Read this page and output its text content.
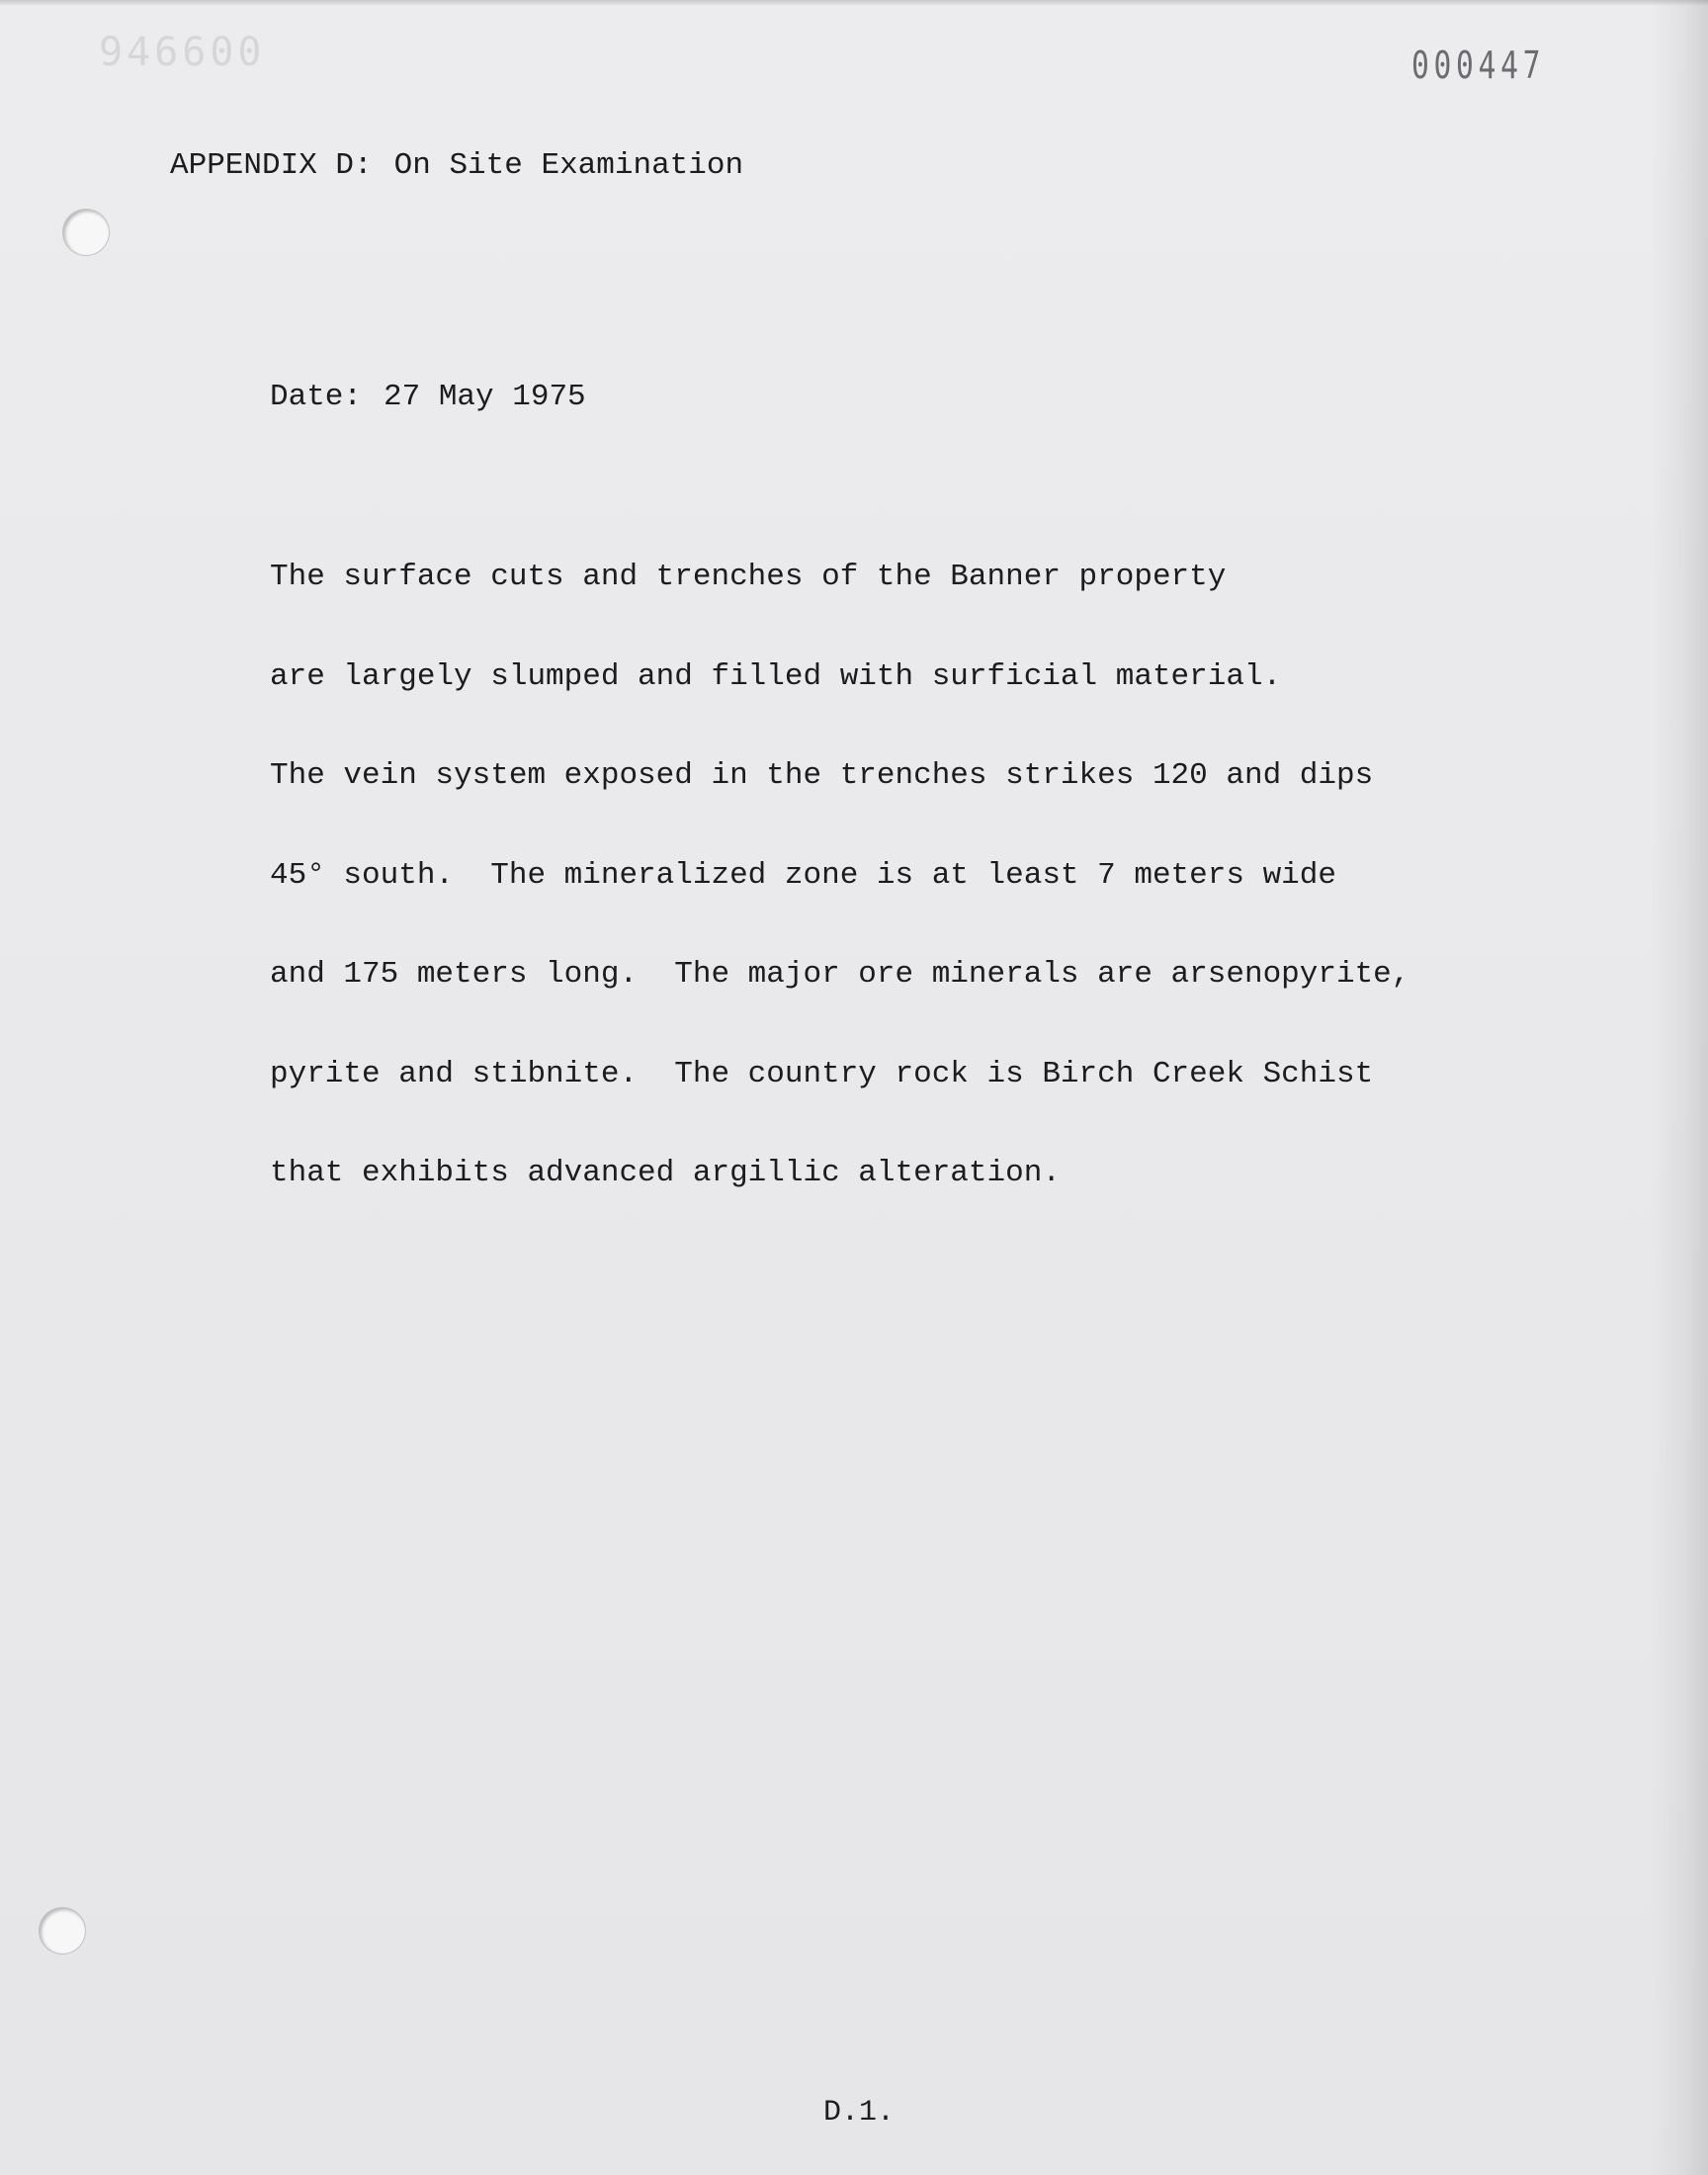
946600	000447
APPENDIX D: On Site Examination
Date: 27 May 1975

The surface cuts and trenches of the Banner property

are largely slumped and filled with surficial material.

The vein system exposed in the trenches strikes 120 and dips

45° south.  The mineralized zone is at least 7 meters wide

and 175 meters long.  The major ore minerals are arsenopyrite,

pyrite and stibnite.  The country rock is Birch Creek Schist

that exhibits advanced argillic alteration.

D.1.
